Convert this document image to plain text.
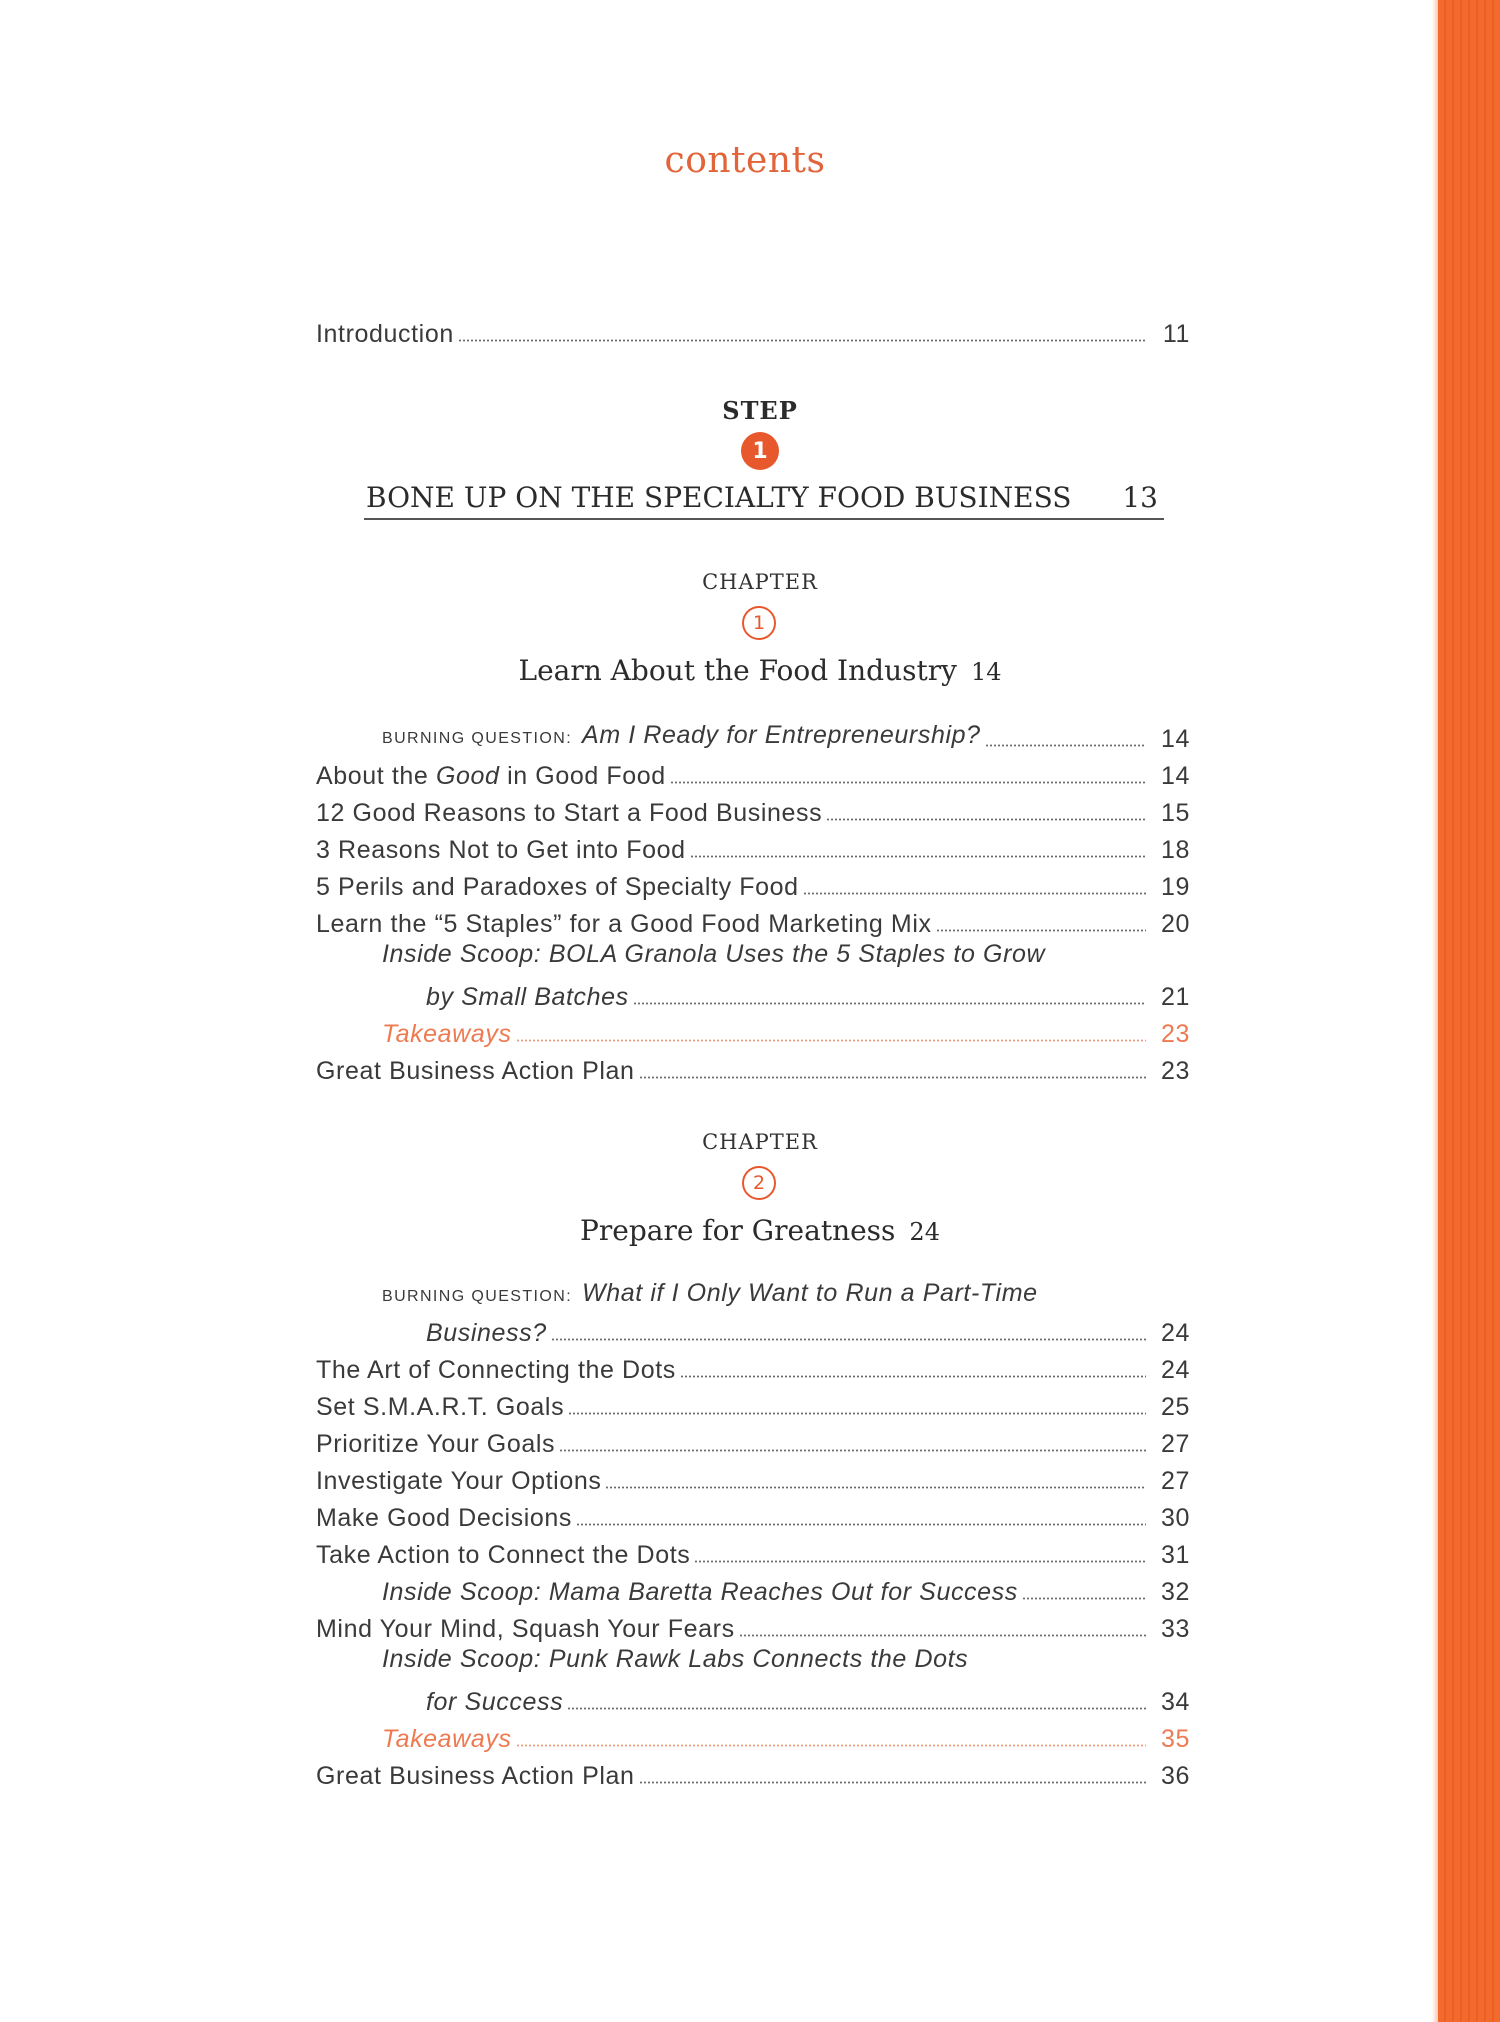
contents
Introduction	11
STEP
1
BONE UP ON THE SPECIALTY FOOD BUSINESS 13
CHAPTER
1
Learn About the Food Industry 14
BURNING QUESTION: Am I Ready for Entrepreneurship?	14
About the Good in Good Food	14
12 Good Reasons to Start a Food Business	15
3 Reasons Not to Get into Food	18
5 Perils and Paradoxes of Specialty Food	19
Learn the “5 Staples” for a Good Food Marketing Mix	20
Inside Scoop: BOLA Granola Uses the 5 Staples to Grow
by Small Batches	21
Takeaways	23
Great Business Action Plan	23
CHAPTER
2
Prepare for Greatness 24
BURNING QUESTION: What if I Only Want to Run a Part-Time
Business?	24
The Art of Connecting the Dots	24
Set S.M.A.R.T. Goals	25
Prioritize Your Goals	27
Investigate Your Options	27
Make Good Decisions	30
Take Action to Connect the Dots	31
Inside Scoop: Mama Baretta Reaches Out for Success	32
Mind Your Mind, Squash Your Fears	33
Inside Scoop: Punk Rawk Labs Connects the Dots
for Success	34
Takeaways	35
Great Business Action Plan	36
